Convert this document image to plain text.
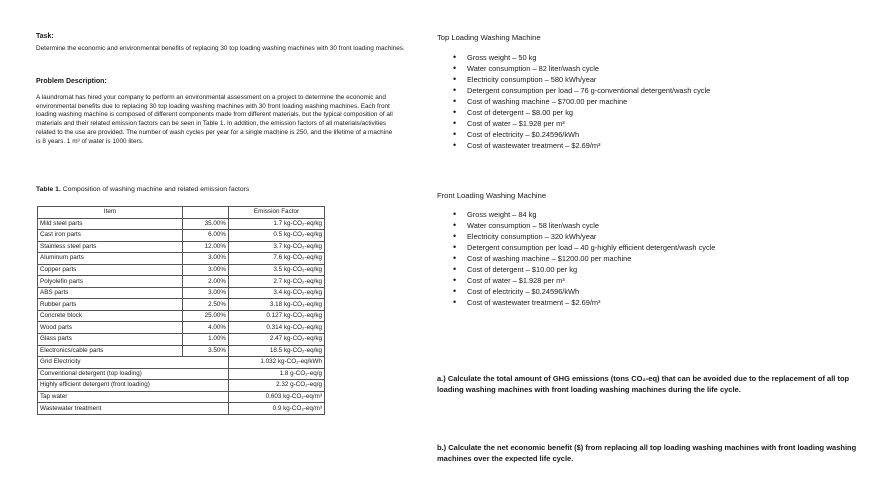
Task:
Determine the economic and environmental benefits of replacing 30 top loading washing machines with 30 front loading machines.
Problem Description:
A laundromat has hired your company to perform an environmental assessment on a project to determine the economic and environmental benefits due to replacing 30 top loading washing machines with 30 front loading washing machines. Each front loading washing machine is composed of different components made from different materials, but the typical composition of all materials and their related emission factors can be seen in Table 1. In addition, the emission factors of all materials/activities related to the use are provided. The number of wash cycles per year for a single machine is 250, and the lifetime of a machine is 8 years. 1 m³ of water is 1000 liters.
Table 1. Composition of washing machine and related emission factors
Item		Emission Factor
Mild steel parts	35.00%	1.7 kg-CO₂-eq/kg
Cast iron parts	6.00%	0.5 kg-CO₂-eq/kg
Stainless steel parts	12.00%	3.7 kg-CO₂-eq/kg
Aluminum parts	3.00%	7.6 kg-CO₂-eq/kg
Copper parts	3.00%	3.5 kg-CO₂-eq/kg
Polyolefin parts	2.00%	2.7 kg-CO₂-eq/kg
ABS parts	3.00%	3.4 kg-CO₂-eq/kg
Rubber parts	2.50%	3.18 kg-CO₂-eq/kg
Concrete block	25.00%	0.127 kg-CO₂-eq/kg
Wood parts	4.00%	0.314 kg-CO₂-eq/kg
Glass parts	1.00%	2.47 kg-CO₂-eq/kg
Electronics/cable parts	3.50%	18.5 kg-CO₂-eq/kg
Grid Electricity		1.032 kg-CO₂-eq/kWh
Conventional detergent (top loading)		1.8 g-CO₂-eq/g
Highly efficient detergent (front loading)		2.32 g-CO₂-eq/g
Tap water		0.603 kg-CO₂-eq/m³
Wastewater treatment		0.9 kg-CO₂-eq/m³
Top Loading Washing Machine
• Gross weight – 50 kg
• Water consumption – 82 liter/wash cycle
• Electricity consumption – 580 kWh/year
• Detergent consumption per load – 76 g-conventional detergent/wash cycle
• Cost of washing machine – $700.00 per machine
• Cost of detergent – $8.00 per kg
• Cost of water – $1.928 per m³
• Cost of electricity – $0.24596/kWh
• Cost of wastewater treatment – $2.69/m³
Front Loading Washing Machine
• Gross weight – 84 kg
• Water consumption – 58 liter/wash cycle
• Electricity consumption – 320 kWh/year
• Detergent consumption per load – 40 g-highly efficient detergent/wash cycle
• Cost of washing machine – $1200.00 per machine
• Cost of detergent – $10.00 per kg
• Cost of water – $1.928 per m³
• Cost of electricity – $0.24596/kWh
• Cost of wastewater treatment – $2.69/m³
a.) Calculate the total amount of GHG emissions (tons CO₂-eq) that can be avoided due to the replacement of all top loading washing machines with front loading washing machines during the life cycle.
b.) Calculate the net economic benefit ($) from replacing all top loading washing machines with front loading washing machines over the expected life cycle.
